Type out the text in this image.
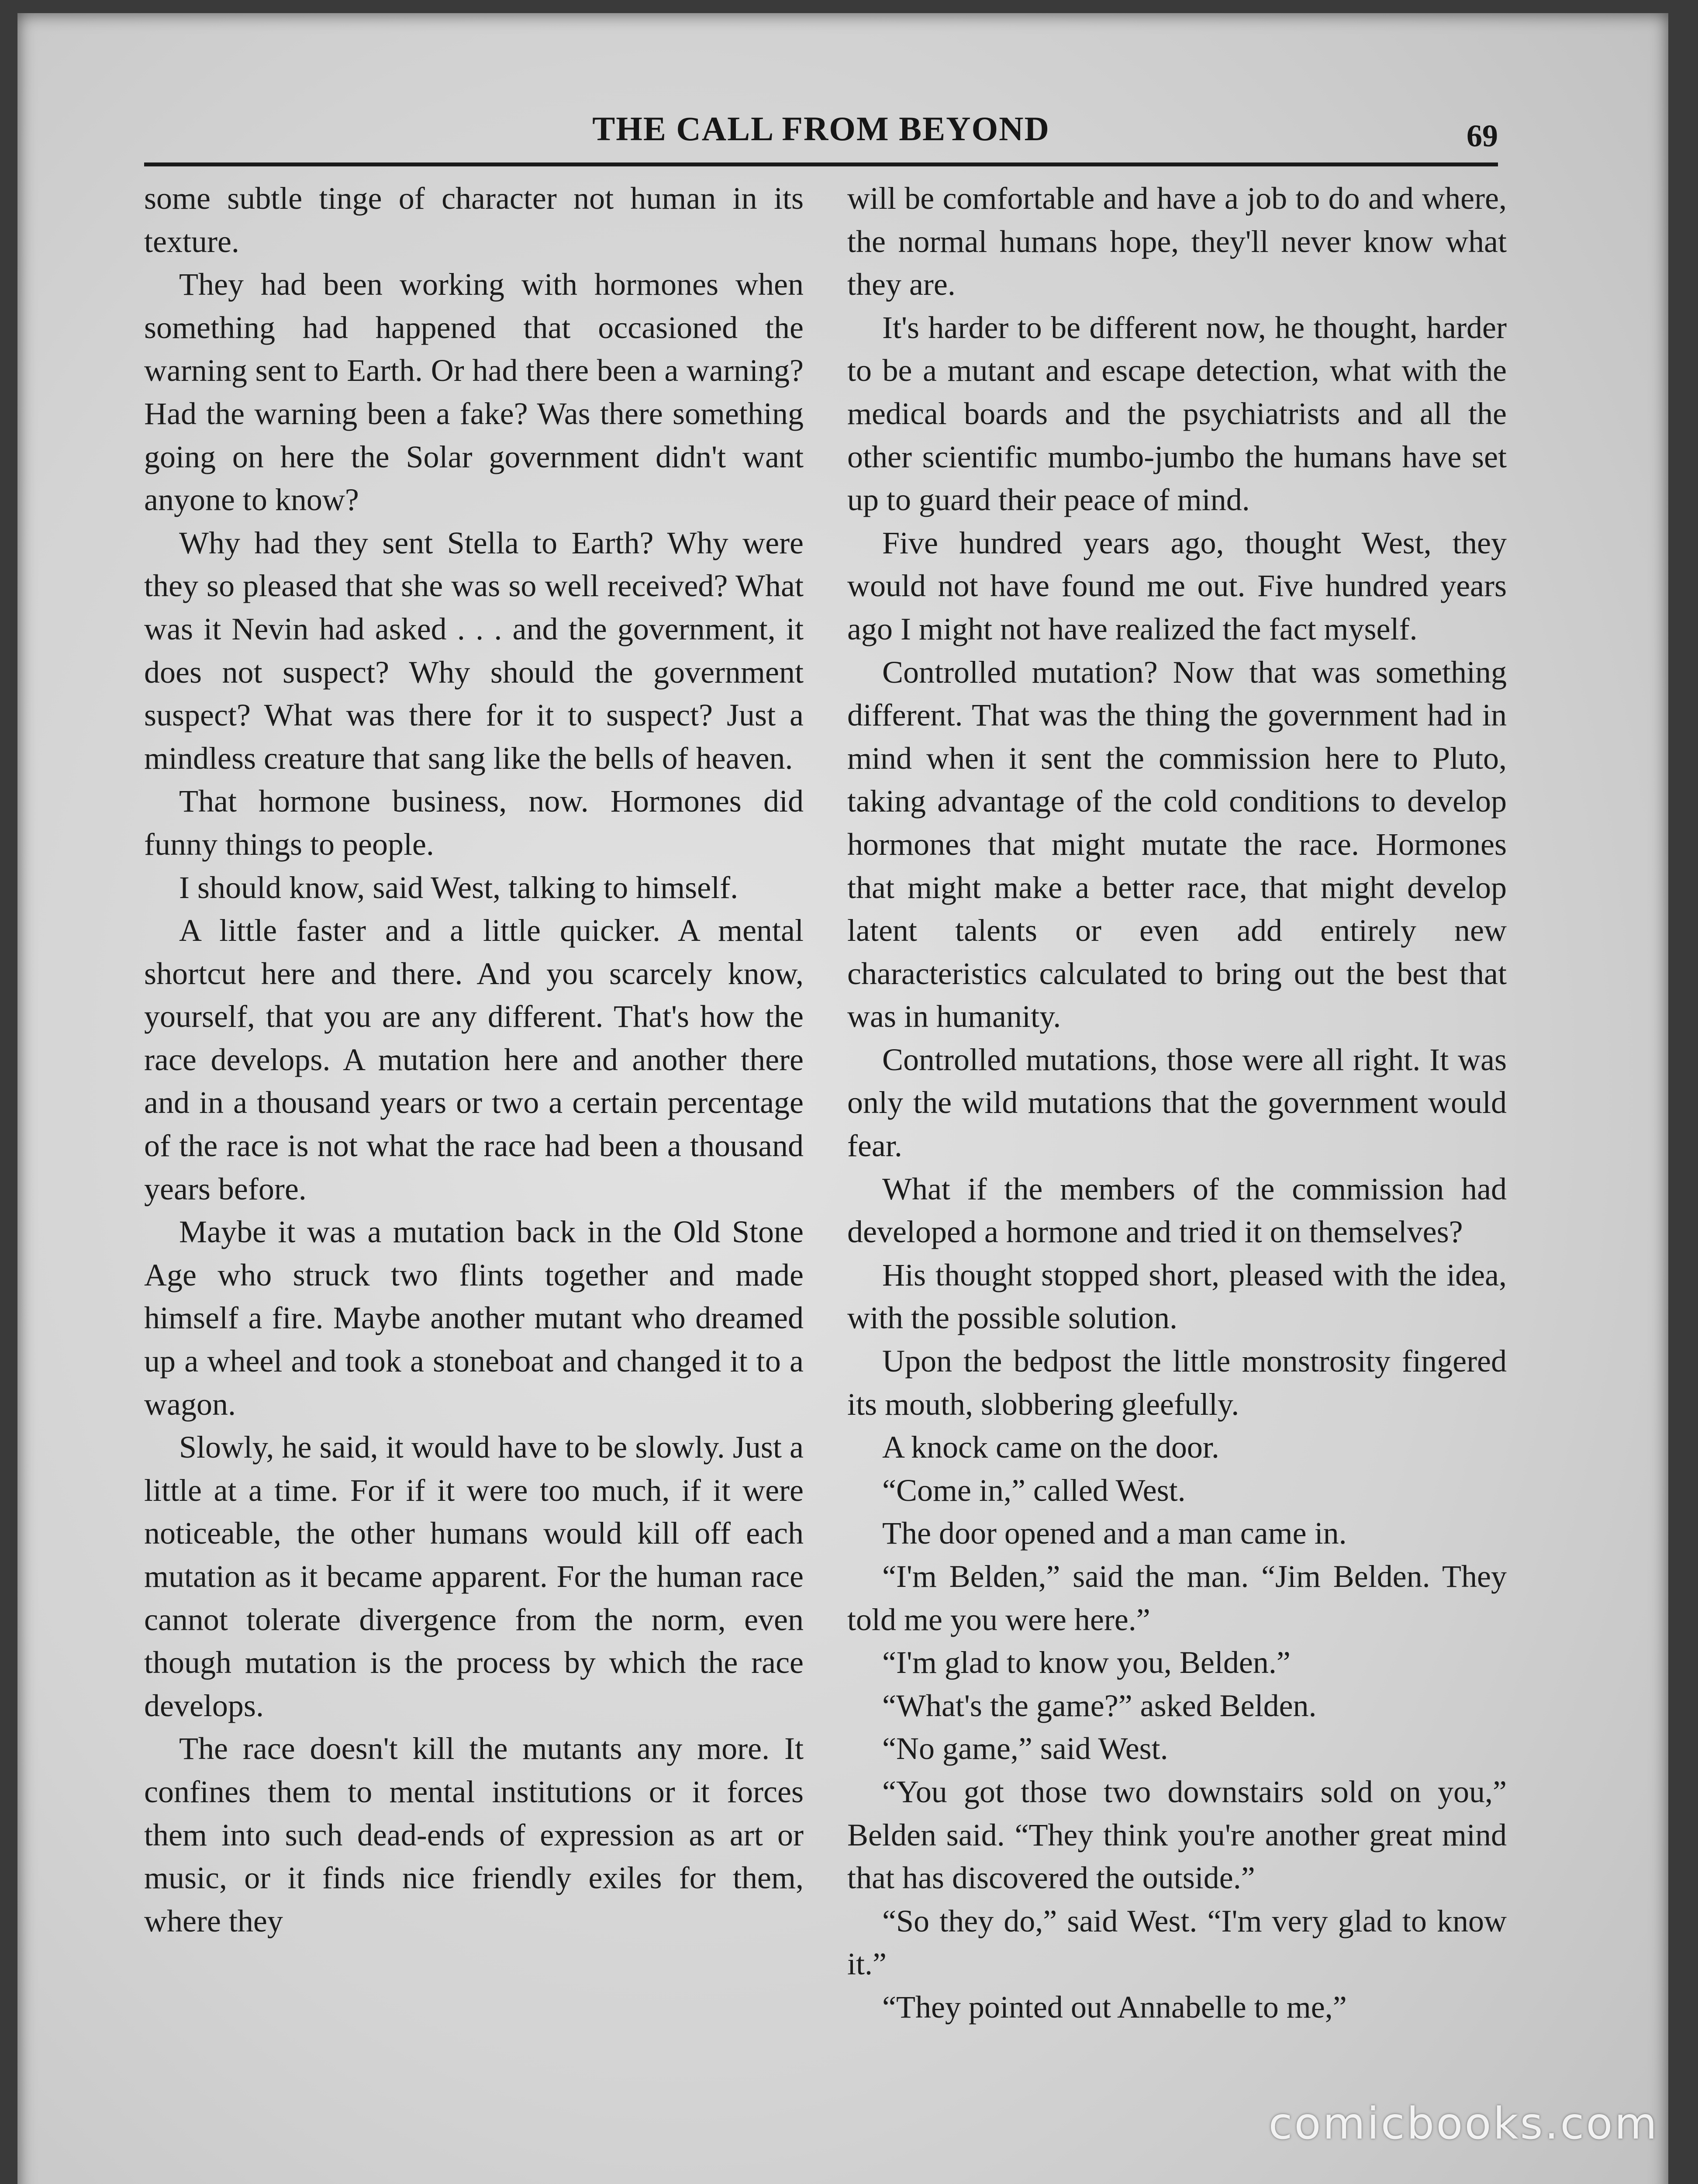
THE CALL FROM BEYOND	69

some subtle tinge of character not human in its texture.

They had been working with hormones when something had happened that occasioned the warning sent to Earth. Or had there been a warning? Had the warning been a fake? Was there something going on here the Solar government didn't want anyone to know?

Why had they sent Stella to Earth? Why were they so pleased that she was so well received? What was it Nevin had asked . . . and the government, it does not suspect? Why should the government suspect? What was there for it to suspect? Just a mindless creature that sang like the bells of heaven.

That hormone business, now. Hormones did funny things to people.

I should know, said West, talking to himself.

A little faster and a little quicker. A mental shortcut here and there. And you scarcely know, yourself, that you are any different. That's how the race develops. A mutation here and another there and in a thousand years or two a certain percentage of the race is not what the race had been a thousand years before.

Maybe it was a mutation back in the Old Stone Age who struck two flints together and made himself a fire. Maybe another mutant who dreamed up a wheel and took a stoneboat and changed it to a wagon.

Slowly, he said, it would have to be slowly. Just a little at a time. For if it were too much, if it were noticeable, the other humans would kill off each mutation as it became apparent. For the human race cannot tolerate divergence from the norm, even though mutation is the process by which the race develops.

The race doesn't kill the mutants any more. It confines them to mental institutions or it forces them into such dead-ends of expression as art or music, or it finds nice friendly exiles for them, where they

will be comfortable and have a job to do and where, the normal humans hope, they'll never know what they are.

It's harder to be different now, he thought, harder to be a mutant and escape detection, what with the medical boards and the psychiatrists and all the other scientific mumbo-jumbo the humans have set up to guard their peace of mind.

Five hundred years ago, thought West, they would not have found me out. Five hundred years ago I might not have realized the fact myself.

Controlled mutation? Now that was something different. That was the thing the government had in mind when it sent the commission here to Pluto, taking advantage of the cold conditions to develop hormones that might mutate the race. Hormones that might make a better race, that might develop latent talents or even add entirely new characteristics calculated to bring out the best that was in humanity.

Controlled mutations, those were all right. It was only the wild mutations that the government would fear.

What if the members of the commission had developed a hormone and tried it on themselves?

His thought stopped short, pleased with the idea, with the possible solution.

Upon the bedpost the little monstrosity fingered its mouth, slobbering gleefully.

A knock came on the door.

“Come in,” called West.

The door opened and a man came in.

“I'm Belden,” said the man. “Jim Belden. They told me you were here.”

“I'm glad to know you, Belden.”

“What's the game?” asked Belden.

“No game,” said West.

“You got those two downstairs sold on you,” Belden said. “They think you're another great mind that has discovered the outside.”

“So they do,” said West. “I'm very glad to know it.”

“They pointed out Annabelle to me,”

comicbooks.com
